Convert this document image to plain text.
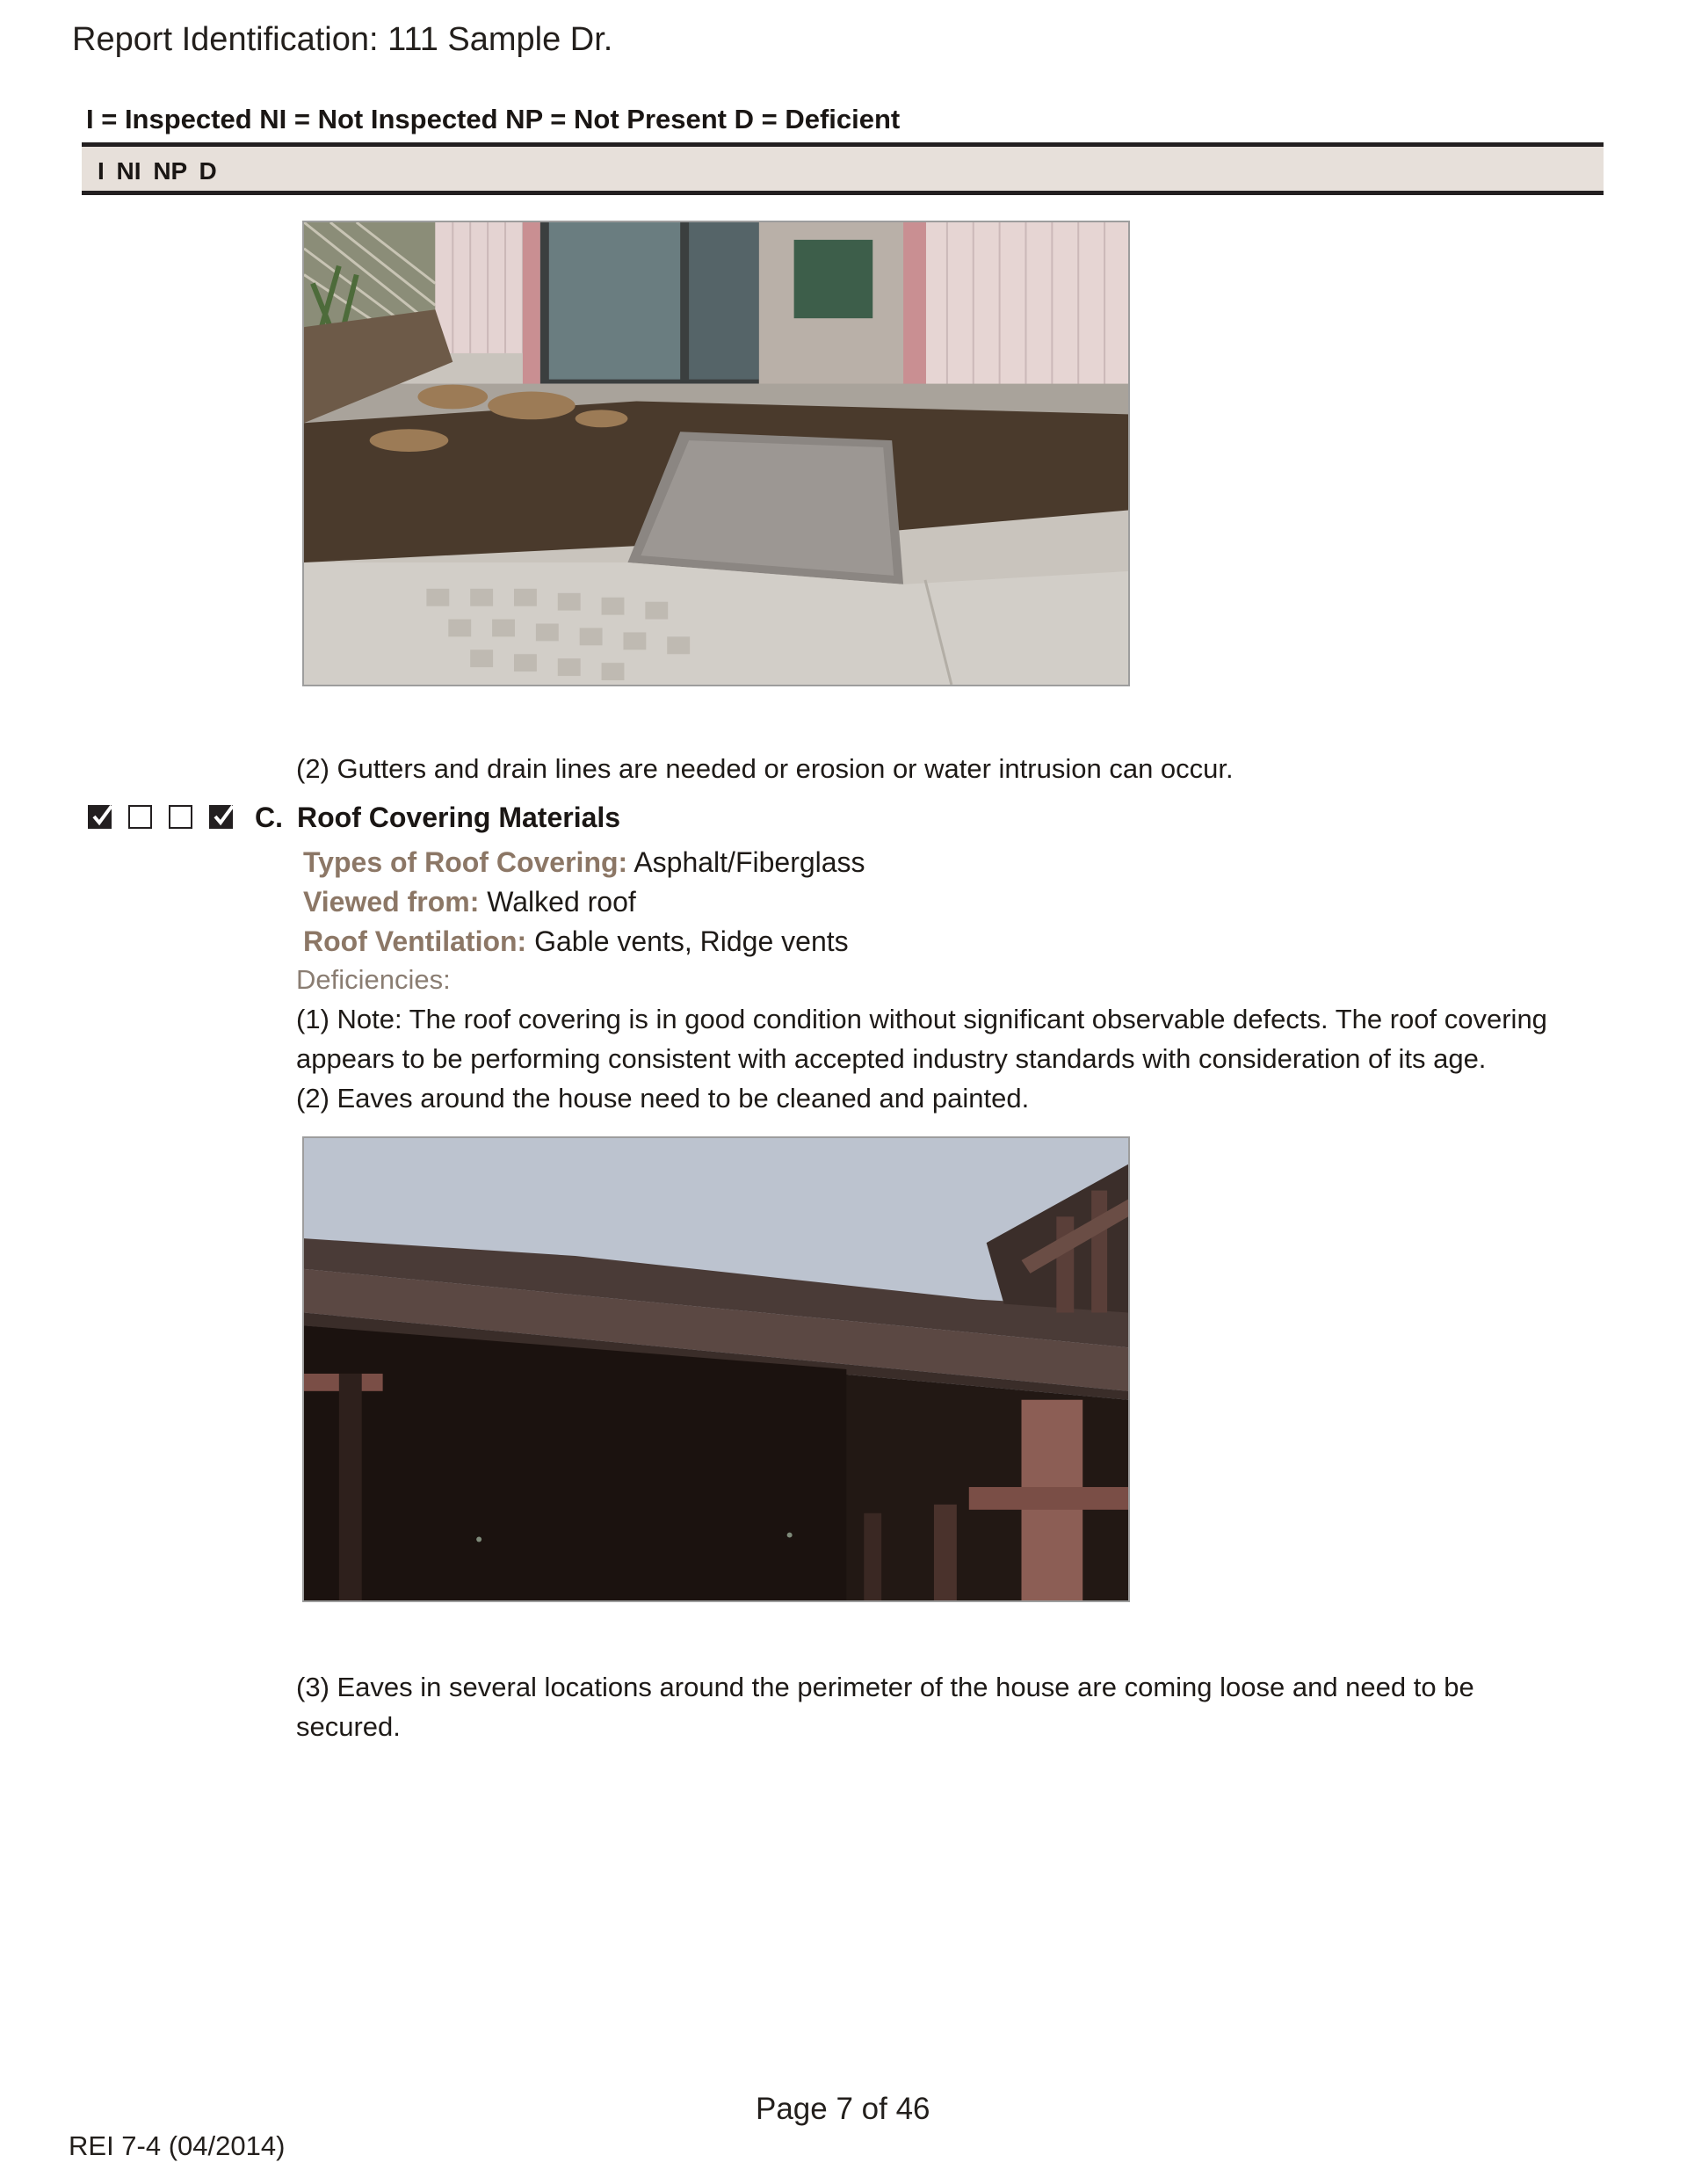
Report Identification: 111 Sample Dr.
I = Inspected NI = Not Inspected NP = Not Present D = Deficient
I NI NP D
(2) Gutters and drain lines are needed or erosion or water intrusion can occur.
C. Roof Covering Materials
Types of Roof Covering: Asphalt/Fiberglass
Viewed from: Walked roof
Roof Ventilation: Gable vents, Ridge vents
Deficiencies:
(1) Note: The roof covering is in good condition without significant observable defects. The roof covering
appears to be performing consistent with accepted industry standards with consideration of its age.
(2) Eaves around the house need to be cleaned and painted.
(3) Eaves in several locations around the perimeter of the house are coming loose and need to be
secured.
Page 7 of 46
REI 7-4 (04/2014)
